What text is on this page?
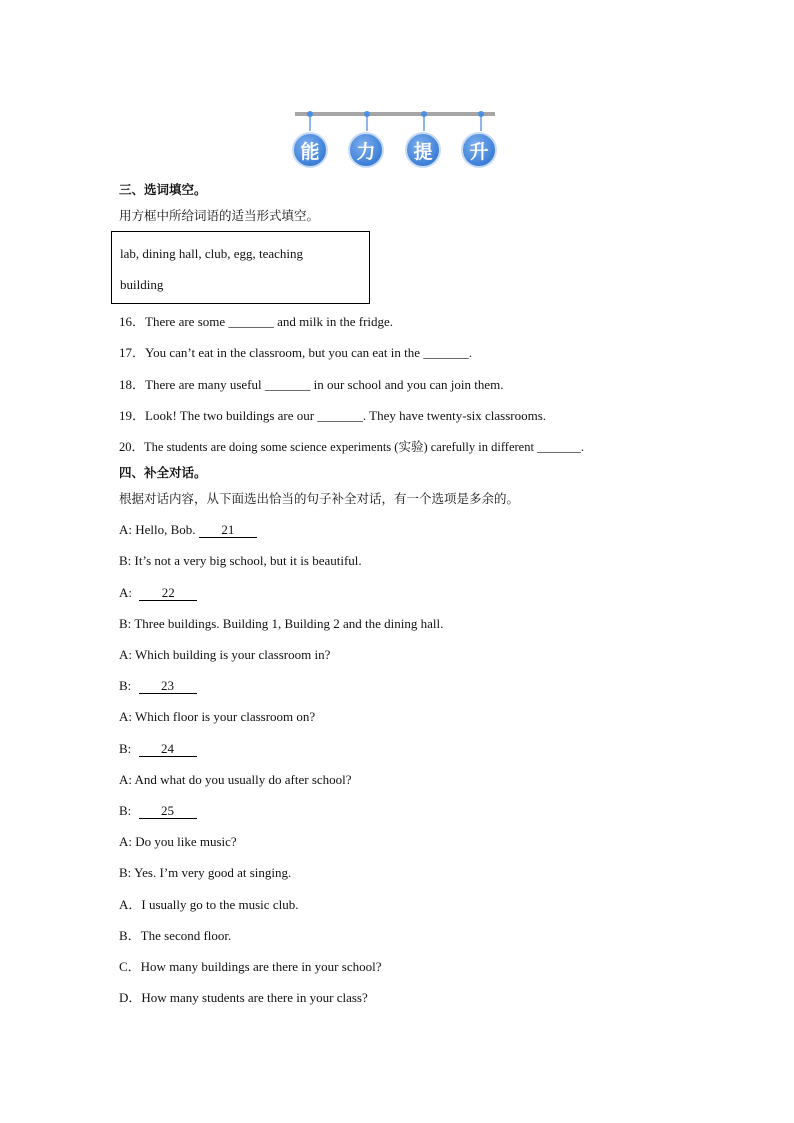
能	力	提	升
三、选词填空。
用方框中所给词语的适当形式填空。
lab, dining hall, club, egg, teaching
building
16．There are some _______ and milk in the fridge.
17．You can’t eat in the classroom, but you can eat in the _______.
18．There are many useful _______ in our school and you can join them.
19．Look! The two buildings are our _______. They have twenty-six classrooms.
20．The students are doing some science experiments (实验) carefully in different _______.
四、补全对话。
根据对话内容，从下面选出恰当的句子补全对话，有一个选项是多余的。
A: Hello, Bob. 21
B: It’s not a very big school, but it is beautiful.
A: 22
B: Three buildings. Building 1, Building 2 and the dining hall.
A: Which building is your classroom in?
B: 23
A: Which floor is your classroom on?
B: 24
A: And what do you usually do after school?
B: 25
A: Do you like music?
B: Yes. I’m very good at singing.
A．I usually go to the music club.
B．The second floor.
C．How many buildings are there in your school?
D．How many students are there in your class?
